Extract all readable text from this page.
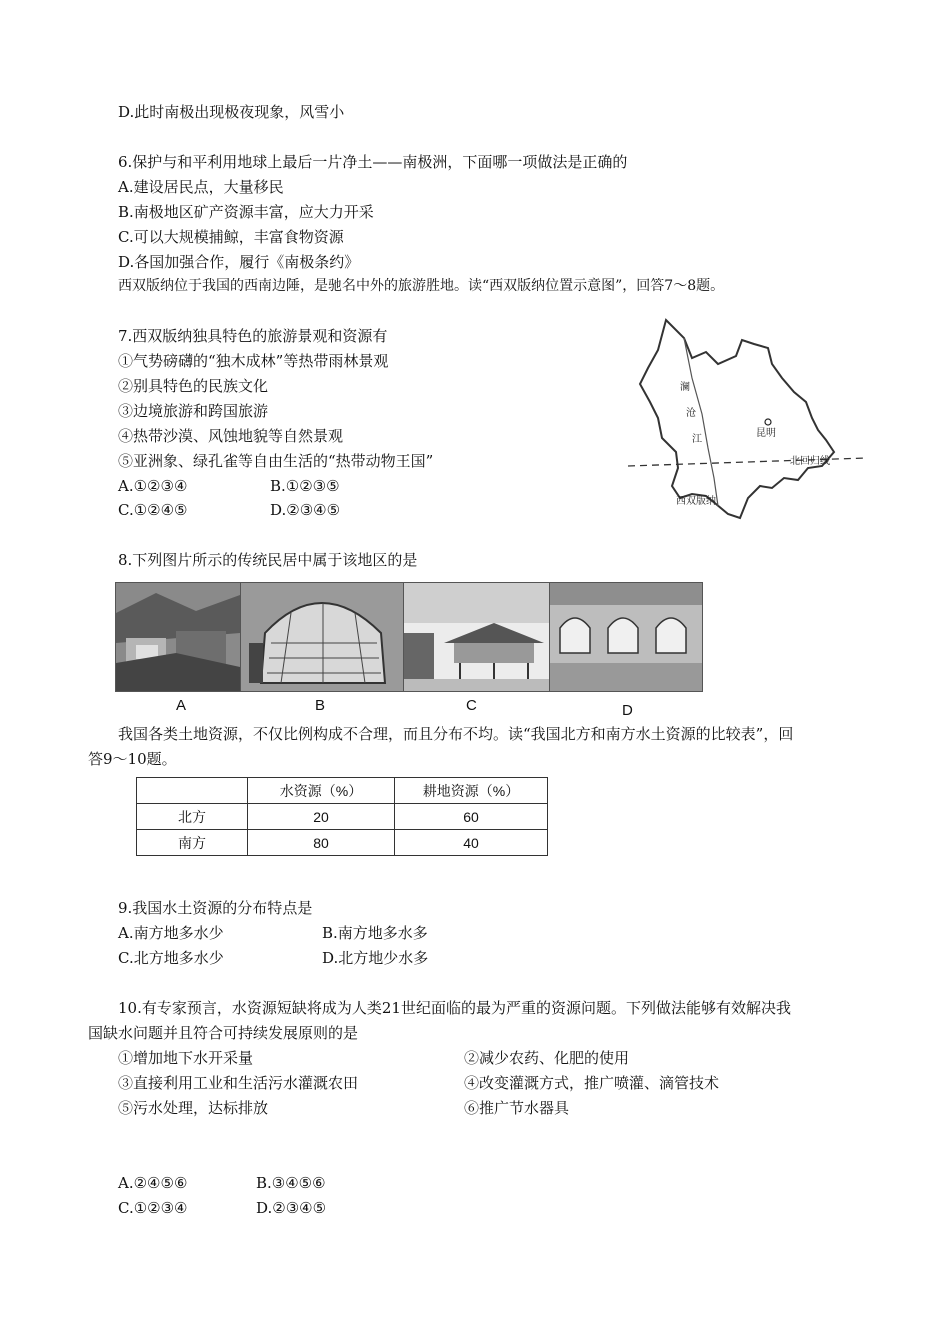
D.此时南极出现极夜现象，风雪小
6.保护与和平利用地球上最后一片净土——南极洲，下面哪一项做法是正确的
A.建设居民点，大量移民
B.南极地区矿产资源丰富，应大力开采
C.可以大规模捕鲸，丰富食物资源
D.各国加强合作，履行《南极条约》
西双版纳位于我国的西南边陲，是驰名中外的旅游胜地。读“西双版纳位置示意图”，回答7～8题。
7.西双版纳独具特色的旅游景观和资源有
①气势磅礴的“独木成林”等热带雨林景观
②别具特色的民族文化
③边境旅游和跨国旅游
④热带沙漠、风蚀地貌等自然景观
⑤亚洲象、绿孔雀等自由生活的“热带动物王国”
A.①②③④	B.①②③⑤
C.①②④⑤	D.②③④⑤
澜
沧
江
昆明
北回归线
西双版纳
8.下列图片所示的传统民居中属于该地区的是
A	B	C	D
我国各类土地资源，不仅比例构成不合理，而且分布不均。读“我国北方和南方水土资源的比较表”，回
答9～10题。
	水资源（%）	耕地资源（%）
北方	20	60
南方	80	40
9.我国水土资源的分布特点是
A.南方地多水少	B.南方地多水多
C.北方地多水少	D.北方地少水多
10.有专家预言，水资源短缺将成为人类21世纪面临的最为严重的资源问题。下列做法能够有效解决我
国缺水问题并且符合可持续发展原则的是
①增加地下水开采量	②减少农药、化肥的使用
③直接利用工业和生活污水灌溉农田	④改变灌溉方式，推广喷灌、滴管技术
⑤污水处理，达标排放	⑥推广节水器具
A.②④⑤⑥	B.③④⑤⑥
C.①②③④	D.②③④⑤
